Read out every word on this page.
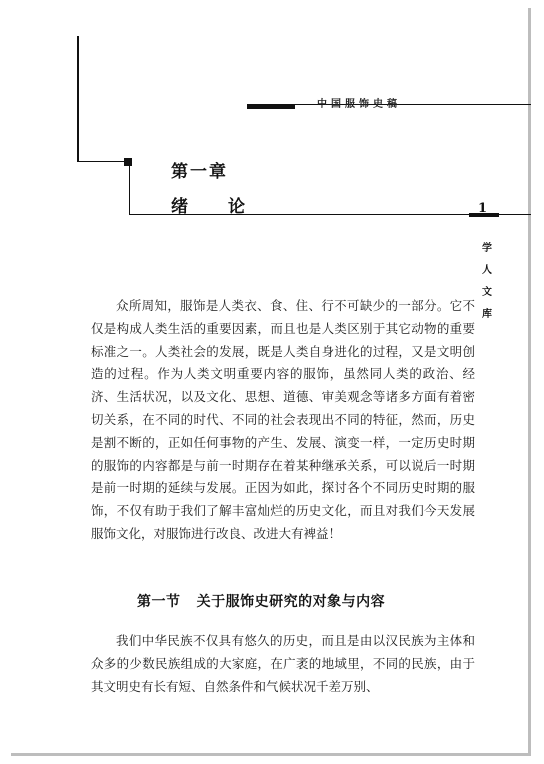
中国服饰史稿
第一章
绪论	1
学
人
文
库

众所周知，服饰是人类衣、食、住、行不可缺少的一部分。它不仅是构成人类生活的重要因素，而且也是人类区别于其它动物的重要标准之一。人类社会的发展，既是人类自身进化的过程，又是文明创造的过程。作为人类文明重要内容的服饰，虽然同人类的政治、经济、生活状况，以及文化、思想、道德、审美观念等诸多方面有着密切关系，在不同的时代、不同的社会表现出不同的特征，然而，历史是割不断的，正如任何事物的产生、发展、演变一样，一定历史时期的服饰的内容都是与前一时期存在着某种继承关系，可以说后一时期是前一时期的延续与发展。正因为如此，探讨各个不同历史时期的服饰，不仅有助于我们了解丰富灿烂的历史文化，而且对我们今天发展服饰文化，对服饰进行改良、改进大有裨益！

第一节 关于服饰史研究的对象与内容

我们中华民族不仅具有悠久的历史，而且是由以汉民族为主体和众多的少数民族组成的大家庭，在广袤的地域里，不同的民族，由于其文明史有长有短、自然条件和气候状况千差万别、
